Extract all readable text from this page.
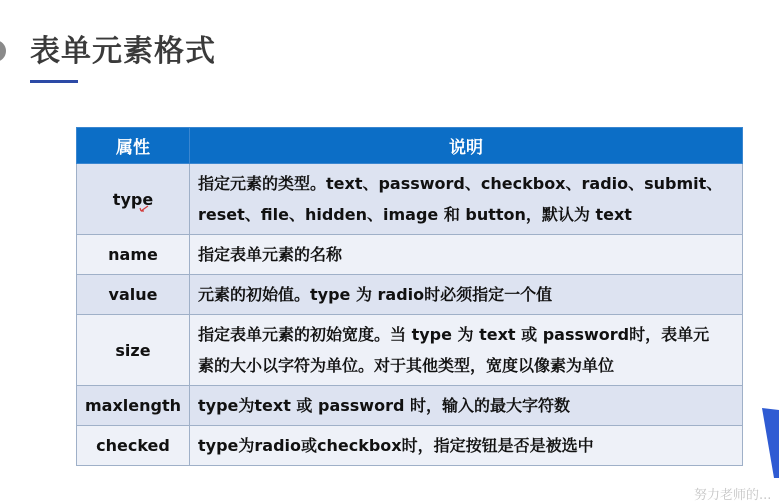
表单元素格式
属性	说明
type	指定元素的类型。text、password、checkbox、radio、submit、
reset、file、hidden、image 和 button，默认为 text

name	指定表单元素的名称

value	元素的初始值。type 为 radio时必须指定一个值

size	指定表单元素的初始宽度。当 type 为 text 或 password时，表单元
素的大小以字符为单位。对于其他类型，宽度以像素为单位

maxlength	type为text 或 password 时，输入的最大字符数

checked	type为radio或checkbox时，指定按钮是否是被选中
努力老师的...
